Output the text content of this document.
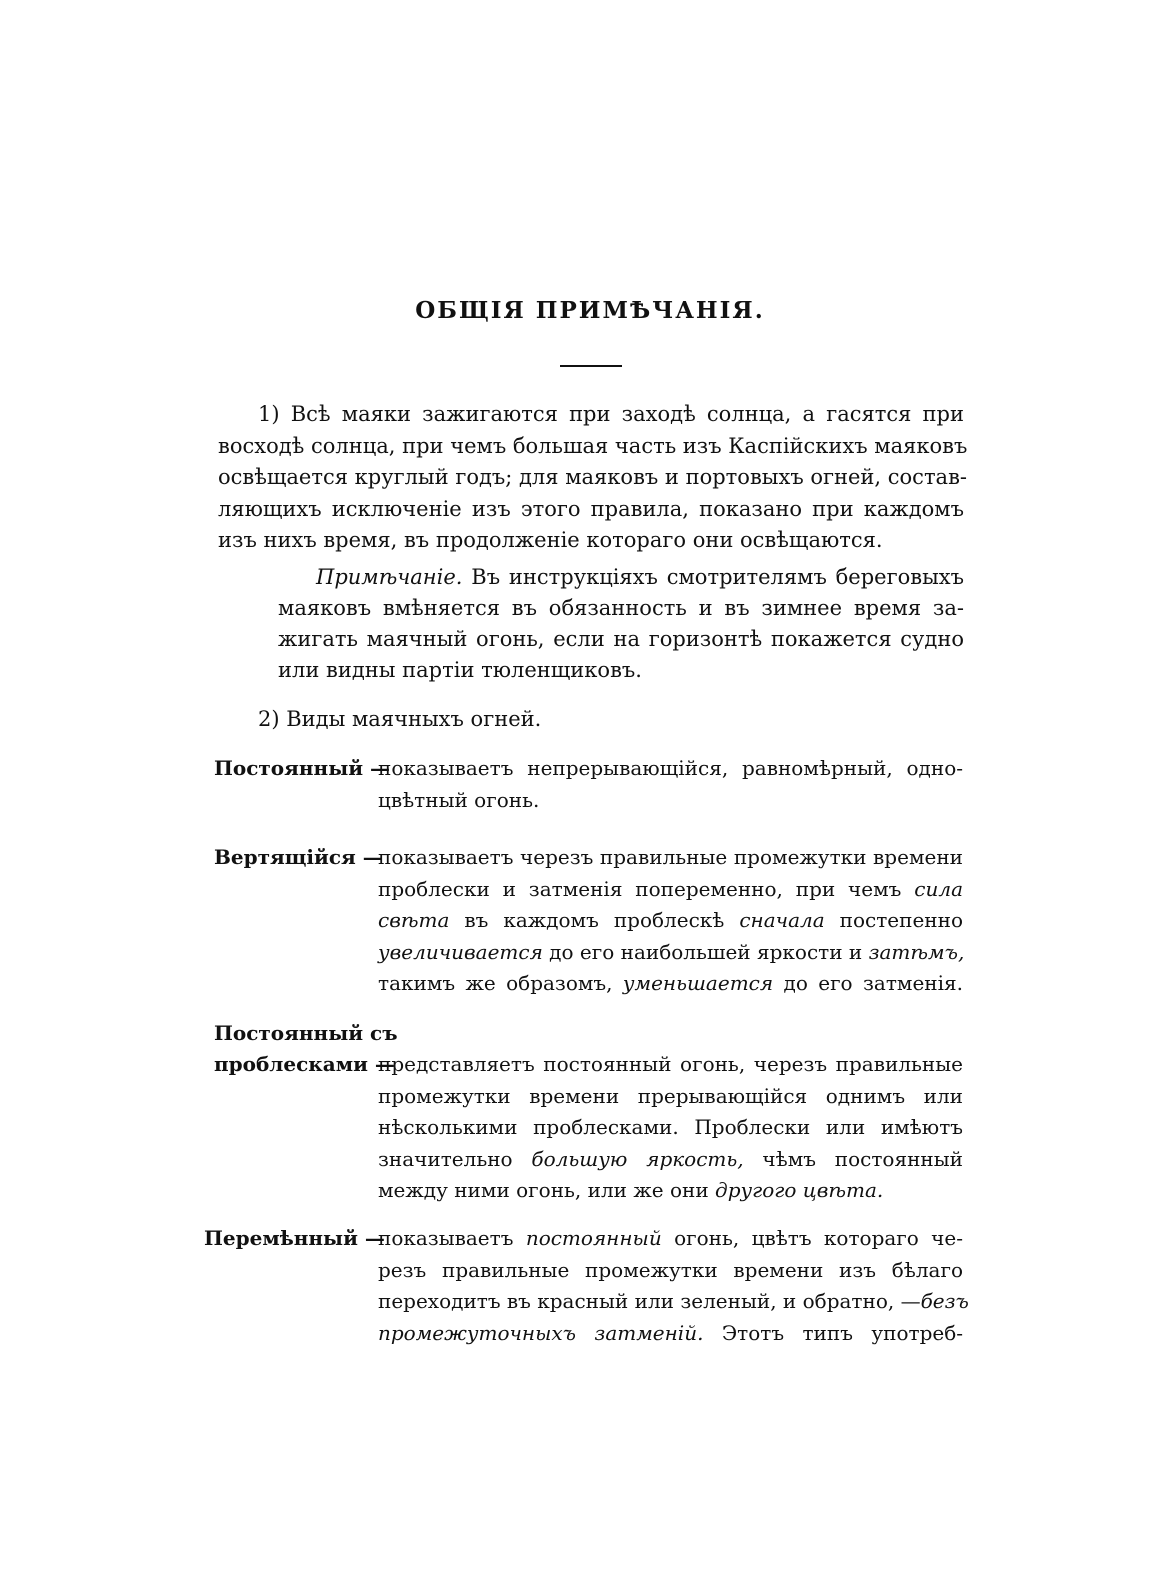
ОБЩІЯ ПРИМѢЧАНІЯ.
1) Всѣ маяки зажигаются при заходѣ солнца, а гасятся при
восходѣ солнца, при чемъ большая часть изъ Каспійскихъ маяковъ
освѣщается круглый годъ; для маяковъ и портовыхъ огней, состав-
ляющихъ исключеніе изъ этого правила, показано при каждомъ
изъ нихъ время, въ продолженіе котораго они освѣщаются.
Примѣчаніе. Въ инструкціяхъ смотрителямъ береговыхъ
маяковъ вмѣняется въ обязанность и въ зимнее время за-
жигать маячный огонь, если на горизонтѣ покажется судно
или видны партіи тюленщиковъ.
2) Виды маячныхъ огней.
Постоянный —
показываетъ непрерывающійся, равномѣрный, одно-
цвѣтный огонь.
Вертящійся —
показываетъ черезъ правильные промежутки времени
проблески и затменія попеременно, при чемъ сила
свѣта въ каждомъ проблескѣ сначала постепенно
увеличивается до его наибольшей яркости и затѣмъ,
такимъ же образомъ, уменьшается до его затменія.
Постоянный съ
проблесками —
представляетъ постоянный огонь, черезъ правильные
промежутки времени прерывающійся однимъ или
нѣсколькими проблесками. Проблески или имѣютъ
значительно большую яркость, чѣмъ постоянный
между ними огонь, или же они другого цвѣта.
Перемѣнный —
показываетъ постоянный огонь, цвѣтъ котораго че-
резъ правильные промежутки времени изъ бѣлаго
переходитъ въ красный или зеленый, и обратно, —безъ
промежуточныхъ затменій. Этотъ типъ употреб-
